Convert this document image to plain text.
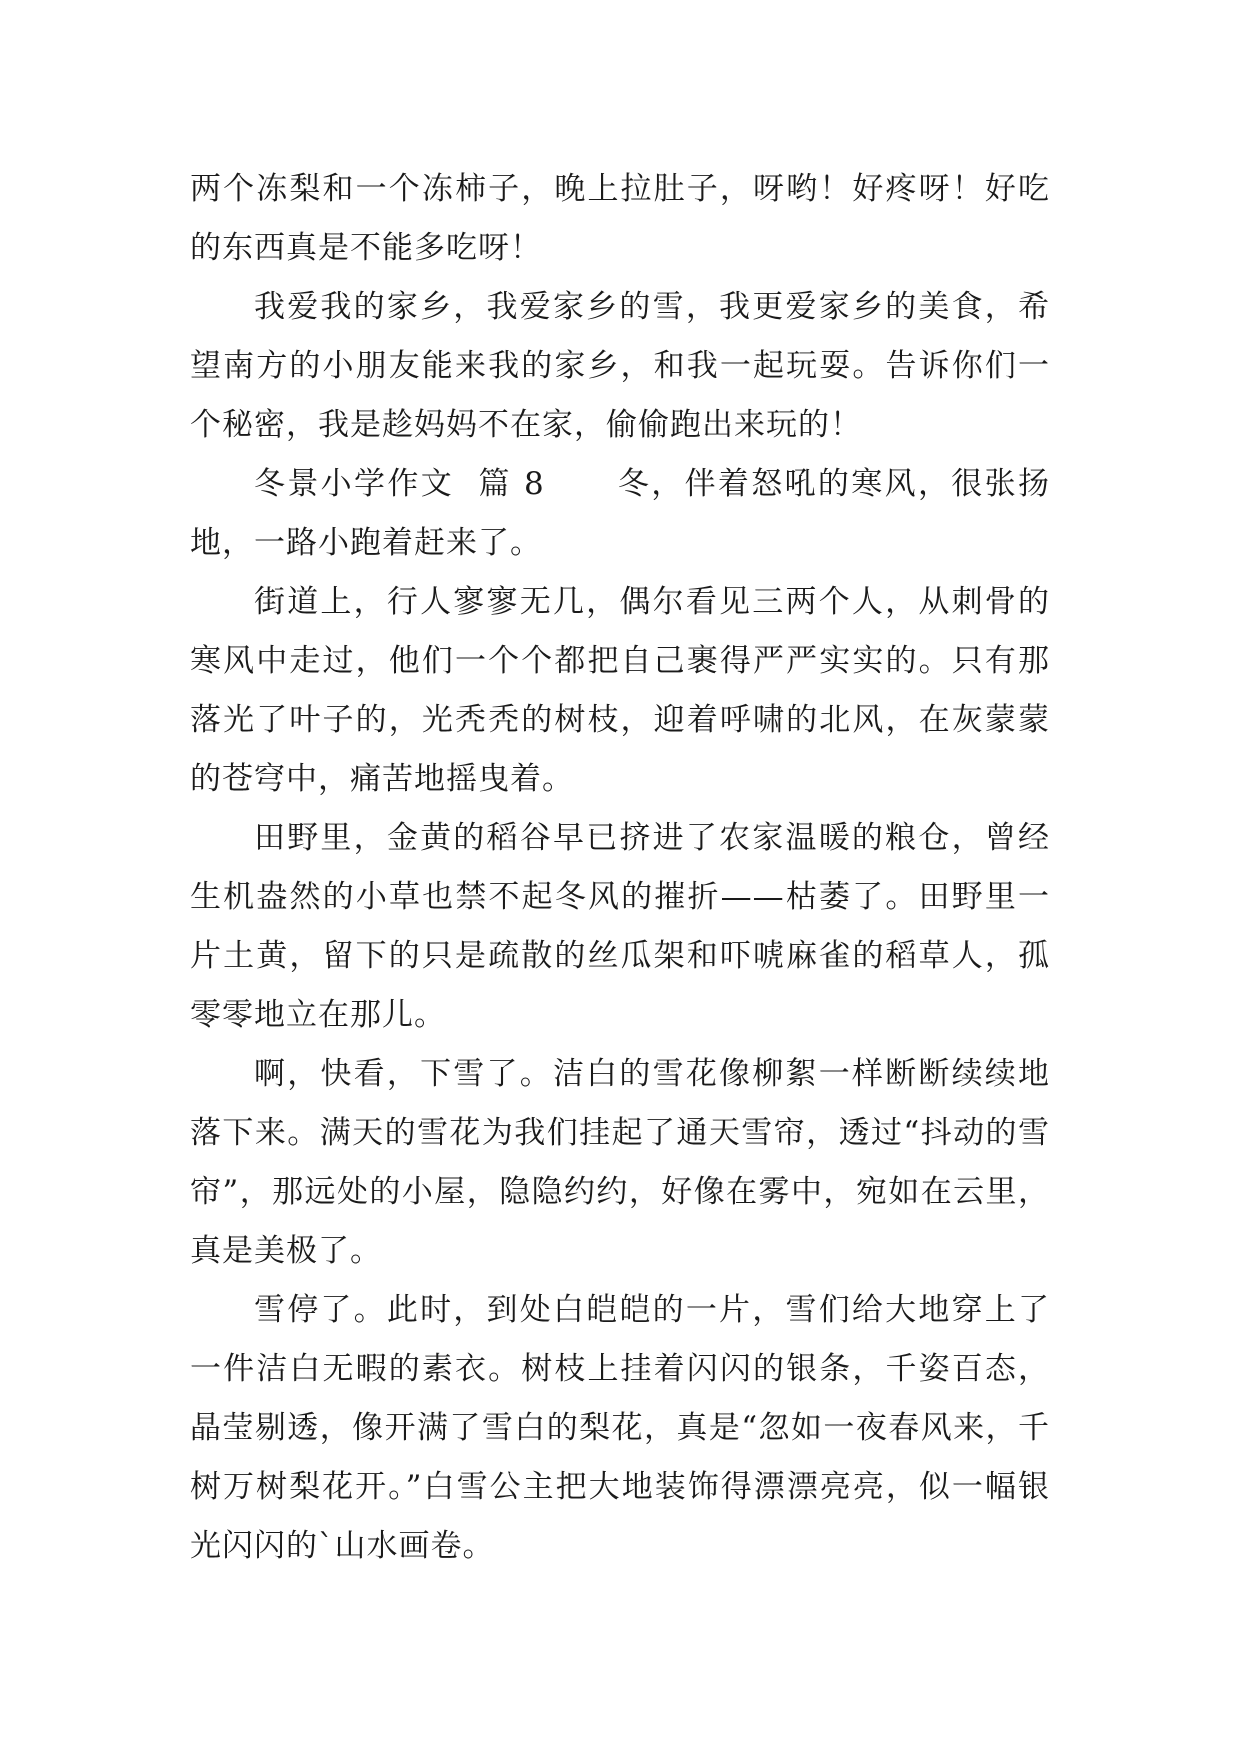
两个冻梨和一个冻柿子，晚上拉肚子，呀哟！好疼呀！好吃的东西真是不能多吃呀！

我爱我的家乡，我爱家乡的雪，我更爱家乡的美食，希望南方的小朋友能来我的家乡，和我一起玩耍。告诉你们一个秘密，我是趁妈妈不在家，偷偷跑出来玩的！

冬景小学作文  篇 8      冬，伴着怒吼的寒风，很张扬地，一路小跑着赶来了。

街道上，行人寥寥无几，偶尔看见三两个人，从刺骨的寒风中走过，他们一个个都把自己裹得严严实实的。只有那落光了叶子的，光秃秃的树枝，迎着呼啸的北风，在灰蒙蒙的苍穹中，痛苦地摇曳着。

田野里，金黄的稻谷早已挤进了农家温暖的粮仓，曾经生机盎然的小草也禁不起冬风的摧折——枯萎了。田野里一片土黄，留下的只是疏散的丝瓜架和吓唬麻雀的稻草人，孤零零地立在那儿。

啊，快看，下雪了。洁白的雪花像柳絮一样断断续续地落下来。满天的雪花为我们挂起了通天雪帘，透过“抖动的雪帘”，那远处的小屋，隐隐约约，好像在雾中，宛如在云里，真是美极了。

雪停了。此时，到处白皑皑的一片，雪们给大地穿上了一件洁白无暇的素衣。树枝上挂着闪闪的银条，千姿百态，晶莹剔透，像开满了雪白的梨花，真是“忽如一夜春风来，千树万树梨花开。”白雪公主把大地装饰得漂漂亮亮，似一幅银光闪闪的`山水画卷。
